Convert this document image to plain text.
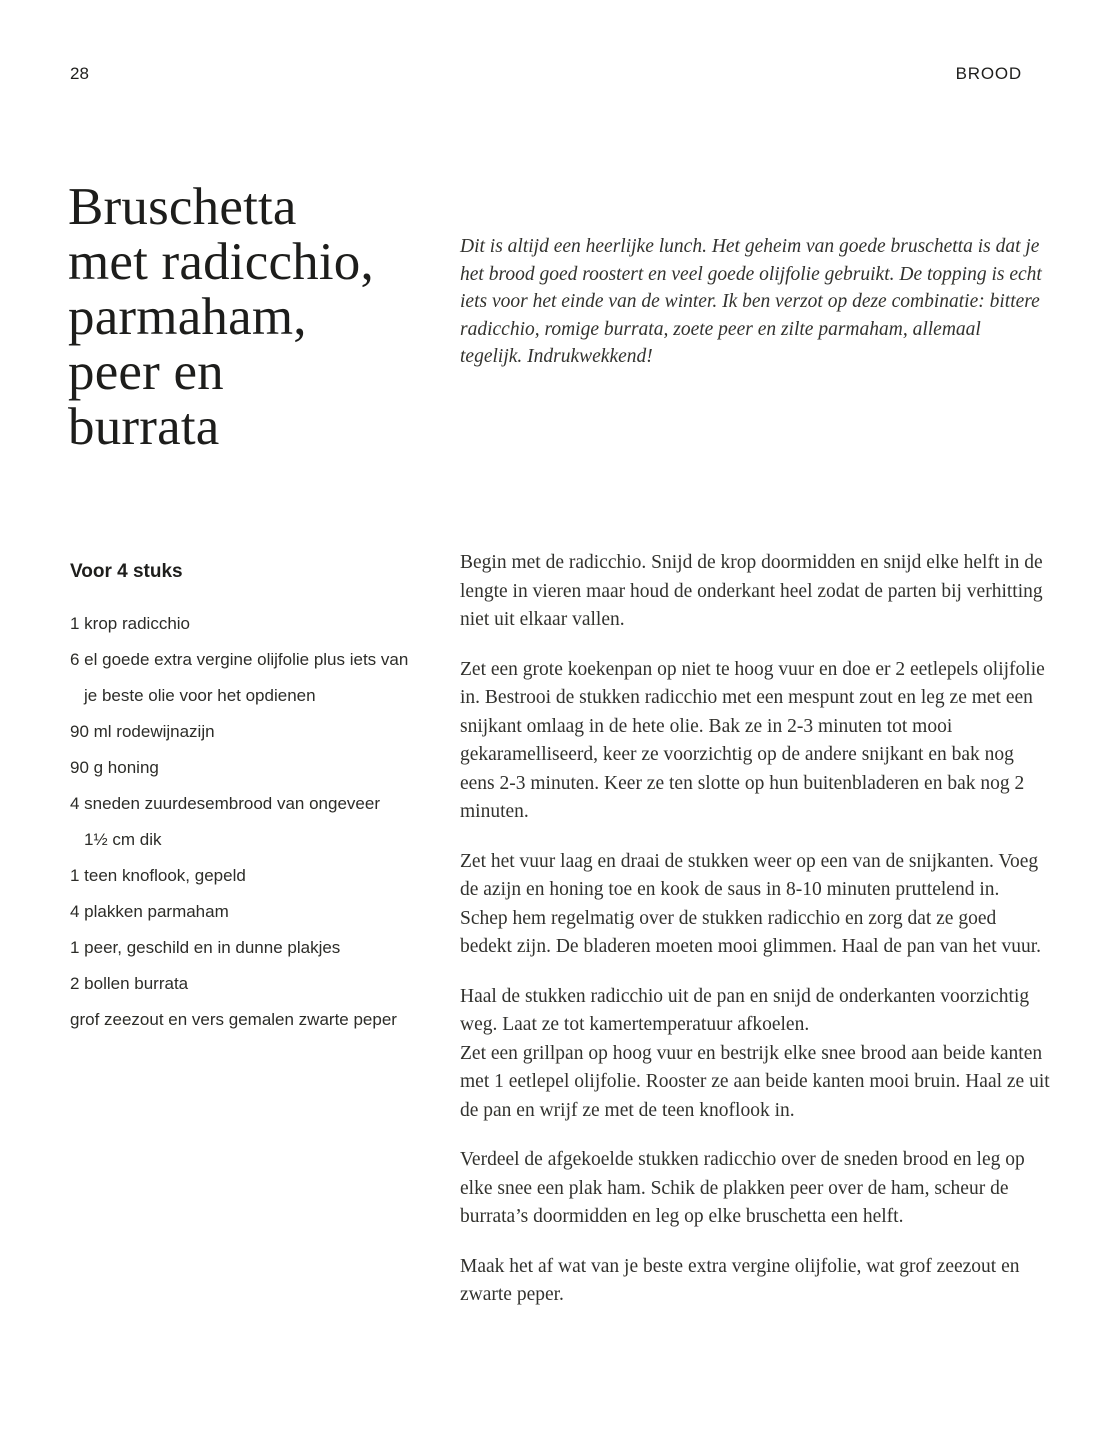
28	BROOD
Bruschetta
met radicchio,
parmaham,
peer en
burrata

Dit is altijd een heerlijke lunch. Het geheim van goede bruschetta is dat je het brood goed roostert en veel goede olijfolie gebruikt. De topping is echt iets voor het einde van de winter. Ik ben verzot op deze combinatie: bittere radicchio, romige burrata, zoete peer en zilte parmaham, allemaal tegelijk. Indrukwekkend!

Voor 4 stuks
1 krop radicchio
6 el goede extra vergine olijfolie plus iets van
je beste olie voor het opdienen
90 ml rodewijnazijn
90 g honing
4 sneden zuurdesembrood van ongeveer
1½ cm dik
1 teen knoflook, gepeld
4 plakken parmaham
1 peer, geschild en in dunne plakjes
2 bollen burrata
grof zeezout en vers gemalen zwarte peper

Begin met de radicchio. Snijd de krop doormidden en snijd elke helft in de lengte in vieren maar houd de onderkant heel zodat de parten bij verhitting niet uit elkaar vallen.

Zet een grote koekenpan op niet te hoog vuur en doe er 2 eetlepels olijfolie in. Bestrooi de stukken radicchio met een mespunt zout en leg ze met een snijkant omlaag in de hete olie. Bak ze in 2-3 minuten tot mooi gekaramelliseerd, keer ze voorzichtig op de andere snijkant en bak nog eens 2-3 minuten. Keer ze ten slotte op hun buitenbladeren en bak nog 2 minuten.

Zet het vuur laag en draai de stukken weer op een van de snijkanten. Voeg de azijn en honing toe en kook de saus in 8-10 minuten pruttelend in. Schep hem regelmatig over de stukken radicchio en zorg dat ze goed bedekt zijn. De bladeren moeten mooi glimmen. Haal de pan van het vuur.

Haal de stukken radicchio uit de pan en snijd de onderkanten voorzichtig weg. Laat ze tot kamertemperatuur afkoelen.
Zet een grillpan op hoog vuur en bestrijk elke snee brood aan beide kanten met 1 eetlepel olijfolie. Rooster ze aan beide kanten mooi bruin. Haal ze uit de pan en wrijf ze met de teen knoflook in.

Verdeel de afgekoelde stukken radicchio over de sneden brood en leg op elke snee een plak ham. Schik de plakken peer over de ham, scheur de burrata’s doormidden en leg op elke bruschetta een helft.

Maak het af wat van je beste extra vergine olijfolie, wat grof zeezout en zwarte peper.
